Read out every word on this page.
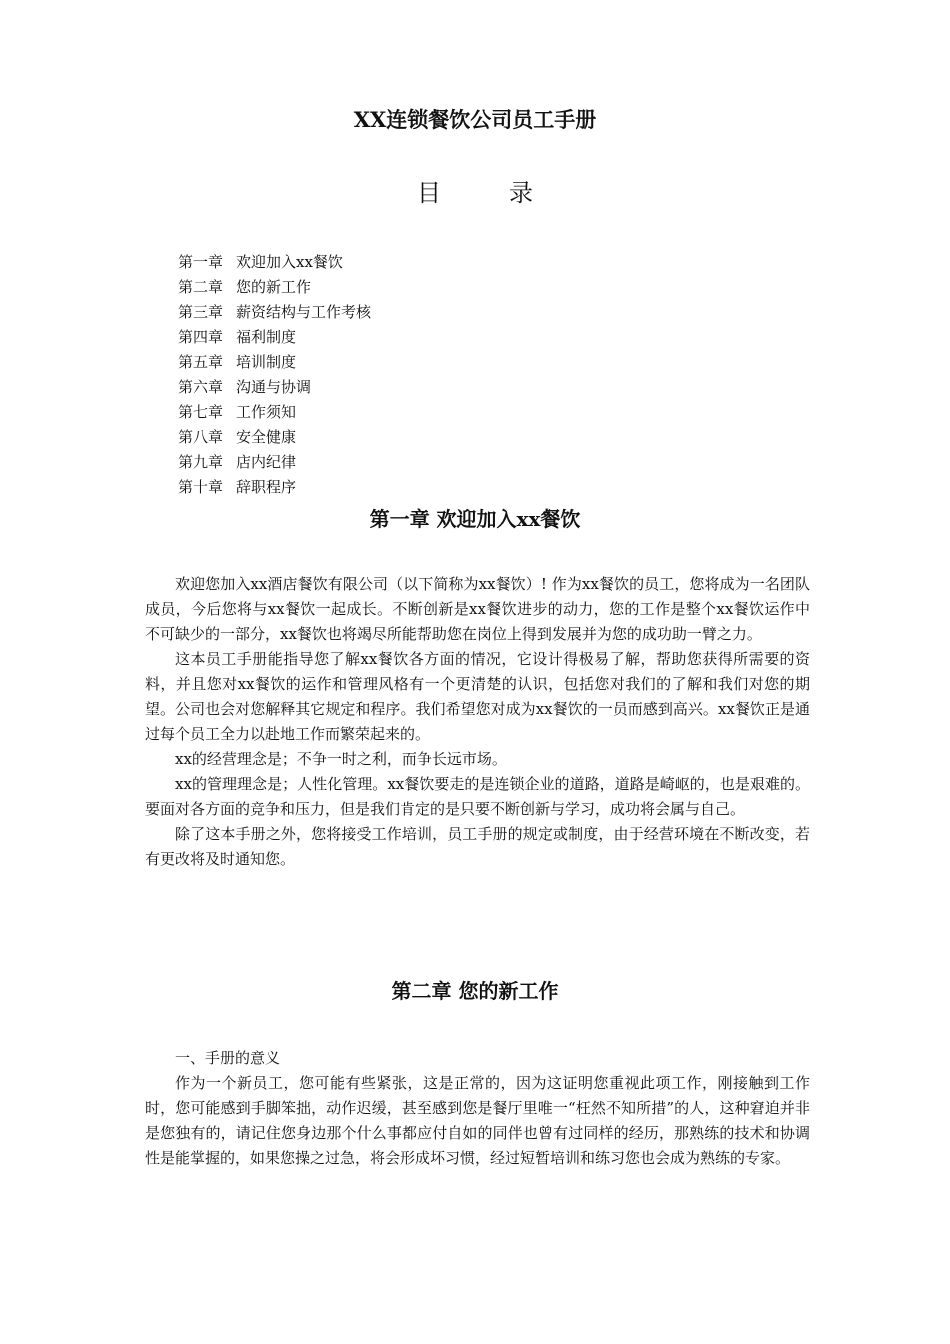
XX连锁餐饮公司员工手册
目	录
第一章 欢迎加入xx餐饮
第二章 您的新工作
第三章 薪资结构与工作考核
第四章 福利制度
第五章 培训制度
第六章 沟通与协调
第七章 工作须知
第八章 安全健康
第九章 店内纪律
第十章 辞职程序
第一章 欢迎加入xx餐饮

欢迎您加入xx酒店餐饮有限公司（以下简称为xx餐饮）! 作为xx餐饮的员工，您将成为一名团队成员，今后您将与xx餐饮一起成长。不断创新是xx餐饮进步的动力，您的工作是整个xx餐饮运作中不可缺少的一部分，xx餐饮也将竭尽所能帮助您在岗位上得到发展并为您的成功助一臂之力。

这本员工手册能指导您了解xx餐饮各方面的情况，它设计得极易了解，帮助您获得所需要的资料，并且您对xx餐饮的运作和管理风格有一个更清楚的认识，包括您对我们的了解和我们对您的期望。公司也会对您解释其它规定和程序。我们希望您对成为xx餐饮的一员而感到高兴。xx餐饮正是通过每个员工全力以赴地工作而繁荣起来的。

xx的经营理念是；不争一时之利，而争长远市场。

xx的管理理念是；人性化管理。xx餐饮要走的是连锁企业的道路，道路是崎岖的，也是艰难的。要面对各方面的竞争和压力，但是我们肯定的是只要不断创新与学习，成功将会属与自己。

除了这本手册之外，您将接受工作培训，员工手册的规定或制度，由于经营环境在不断改变，若有更改将及时通知您。

第二章 您的新工作

一、手册的意义

作为一个新员工，您可能有些紧张，这是正常的，因为这证明您重视此项工作，刚接触到工作时，您可能感到手脚笨拙，动作迟缓，甚至感到您是餐厅里唯一“枉然不知所措”的人，这种窘迫并非是您独有的，请记住您身边那个什么事都应付自如的同伴也曾有过同样的经历，那熟练的技术和协调性是能掌握的，如果您操之过急，将会形成坏习惯，经过短暂培训和练习您也会成为熟练的专家。
